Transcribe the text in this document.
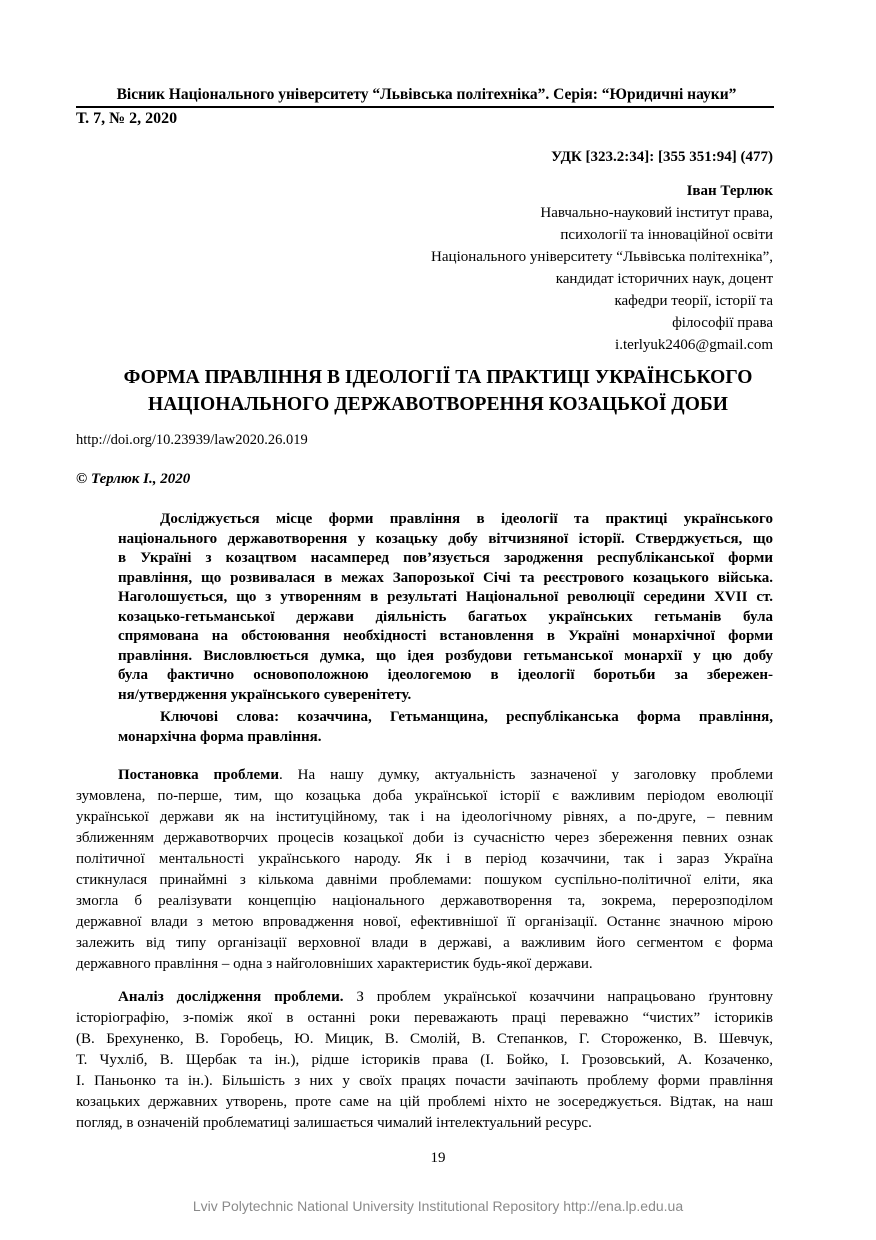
Вісник Національного університету “Львівська політехніка”. Серія: “Юридичні науки”
Т. 7, № 2, 2020
УДК [323.2:34]: [355 351:94] (477)
Іван Терлюк
Навчально-науковий інститут права,
психології та інноваційної освіти
Національного університету “Львівська політехніка”,
кандидат історичних наук, доцент
кафедри теорії, історії та
філософії права
i.terlyuk2406@gmail.com
ФОРМА ПРАВЛІННЯ В ІДЕОЛОГІЇ ТА ПРАКТИЦІ УКРАЇНСЬКОГО
НАЦІОНАЛЬНОГО ДЕРЖАВОТВОРЕННЯ КОЗАЦЬКОЇ ДОБИ
http://doi.org/10.23939/law2020.26.019
© Терлюк І., 2020
Досліджується місце форми правління в ідеології та практиці українського
національного державотворення у козацьку добу вітчизняної історії. Стверджується, що
в Україні з козацтвом насамперед пов’язується зародження республіканської форми
правління, що розвивалася в межах Запорозької Січі та реєстрового козацького війська.
Наголошується, що з утворенням в результаті Національної революції середини XVII ст.
козацько-гетьманської держави діяльність багатьох українських гетьманів була
спрямована на обстоювання необхідності встановлення в Україні монархічної форми
правління. Висловлюється думка, що ідея розбудови гетьманської монархії у цю добу
була фактично основоположною ідеологемою в ідеології боротьби за збережен-
ня/утвердження українського суверенітету.
Ключові слова: козаччина, Гетьманщина, республіканська форма правління,
монархічна форма правління.
Постановка проблеми. На нашу думку, актуальність зазначеної у заголовку проблеми
зумовлена, по-перше, тим, що козацька доба української історії є важливим періодом еволюції
української держави як на інституційному, так і на ідеологічному рівнях, а по-друге, – певним
зближенням державотворчих процесів козацької доби із сучасністю через збереження певних ознак
політичної ментальності українського народу. Як і в період козаччини, так і зараз Україна
стикнулася принаймні з кількома давніми проблемами: пошуком суспільно-політичної еліти, яка
змогла б реалізувати концепцію національного державотворення та, зокрема, перерозподілом
державної влади з метою впровадження нової, ефективнішої її організації. Останнє значною мірою
залежить від типу організації верховної влади в державі, а важливим його сегментом є форма
державного правління – одна з найголовніших характеристик будь-якої держави.
Аналіз дослідження проблеми. З проблем української козаччини напрацьовано ґрунтовну
історіографію, з-поміж якої в останні роки переважають праці переважно “чистих” істориків
(В. Брехуненко, В. Горобець, Ю. Мицик, В. Смолій, В. Степанков, Г. Стороженко, В. Шевчук,
Т. Чухліб, В. Щербак та ін.), рідше істориків права (І. Бойко, І. Грозовський, А. Козаченко,
І. Паньонко та ін.). Більшість з них у своїх працях почасти зачіпають проблему форми правління
козацьких державних утворень, проте саме на цій проблемі ніхто не зосереджується. Відтак, на наш
погляд, в означеній проблематиці залишається чималий інтелектуальний ресурс.
19
Lviv Polytechnic National University Institutional Repository http://ena.lp.edu.ua
